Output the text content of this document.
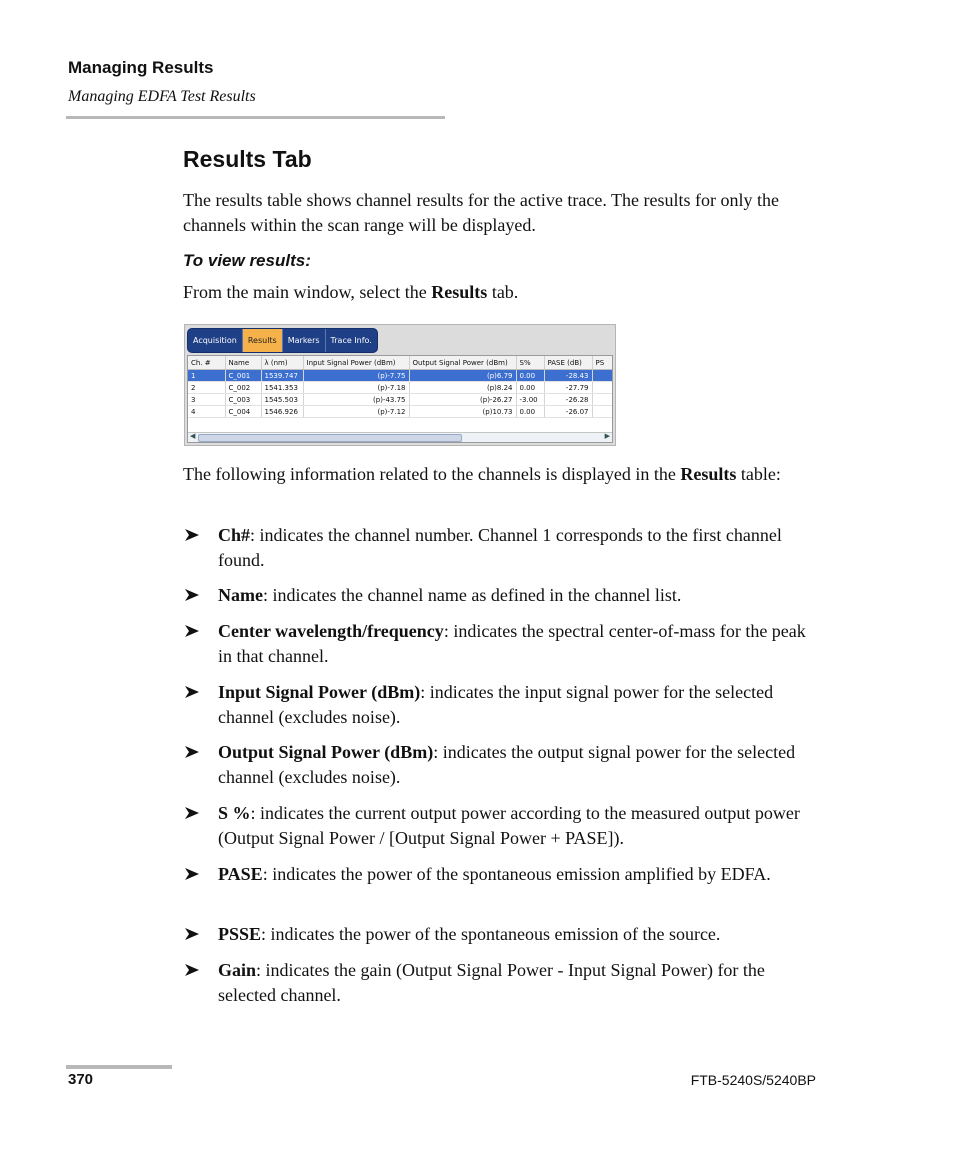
Managing Results
Managing EDFA Test Results
Results Tab
The results table shows channel results for the active trace. The results for only the channels within the scan range will be displayed.
To view results:
From the main window, select the Results tab.
Acquisition	Results	Markers	Trace Info.
Ch. #	Name	λ (nm)	Input Signal Power (dBm)	Output Signal Power (dBm)	S%	PASE (dB)	PS
1	C_001	1539.747	(p)-7.75	(p)6.79	0.00	-28.43	
2	C_002	1541.353	(p)-7.18	(p)8.24	0.00	-27.79	
3	C_003	1545.503	(p)-43.75	(p)-26.27	-3.00	-26.28	
4	C_004	1546.926	(p)-7.12	(p)10.73	0.00	-26.07	
◀	▶
The following information related to the channels is displayed in the Results table:
Ch#: indicates the channel number. Channel 1 corresponds to the first channel found.
Name: indicates the channel name as defined in the channel list.
Center wavelength/frequency: indicates the spectral center-of-mass for the peak in that channel.
Input Signal Power (dBm): indicates the input signal power for the selected channel (excludes noise).
Output Signal Power (dBm): indicates the output signal power for the selected channel (excludes noise).
S %: indicates the current output power according to the measured output power (Output Signal Power / [Output Signal Power + PASE]).
PASE: indicates the power of the spontaneous emission amplified by EDFA.
PSSE: indicates the power of the spontaneous emission of the source.
Gain: indicates the gain (Output Signal Power - Input Signal Power) for the selected channel.
370	FTB-5240S/5240BP
